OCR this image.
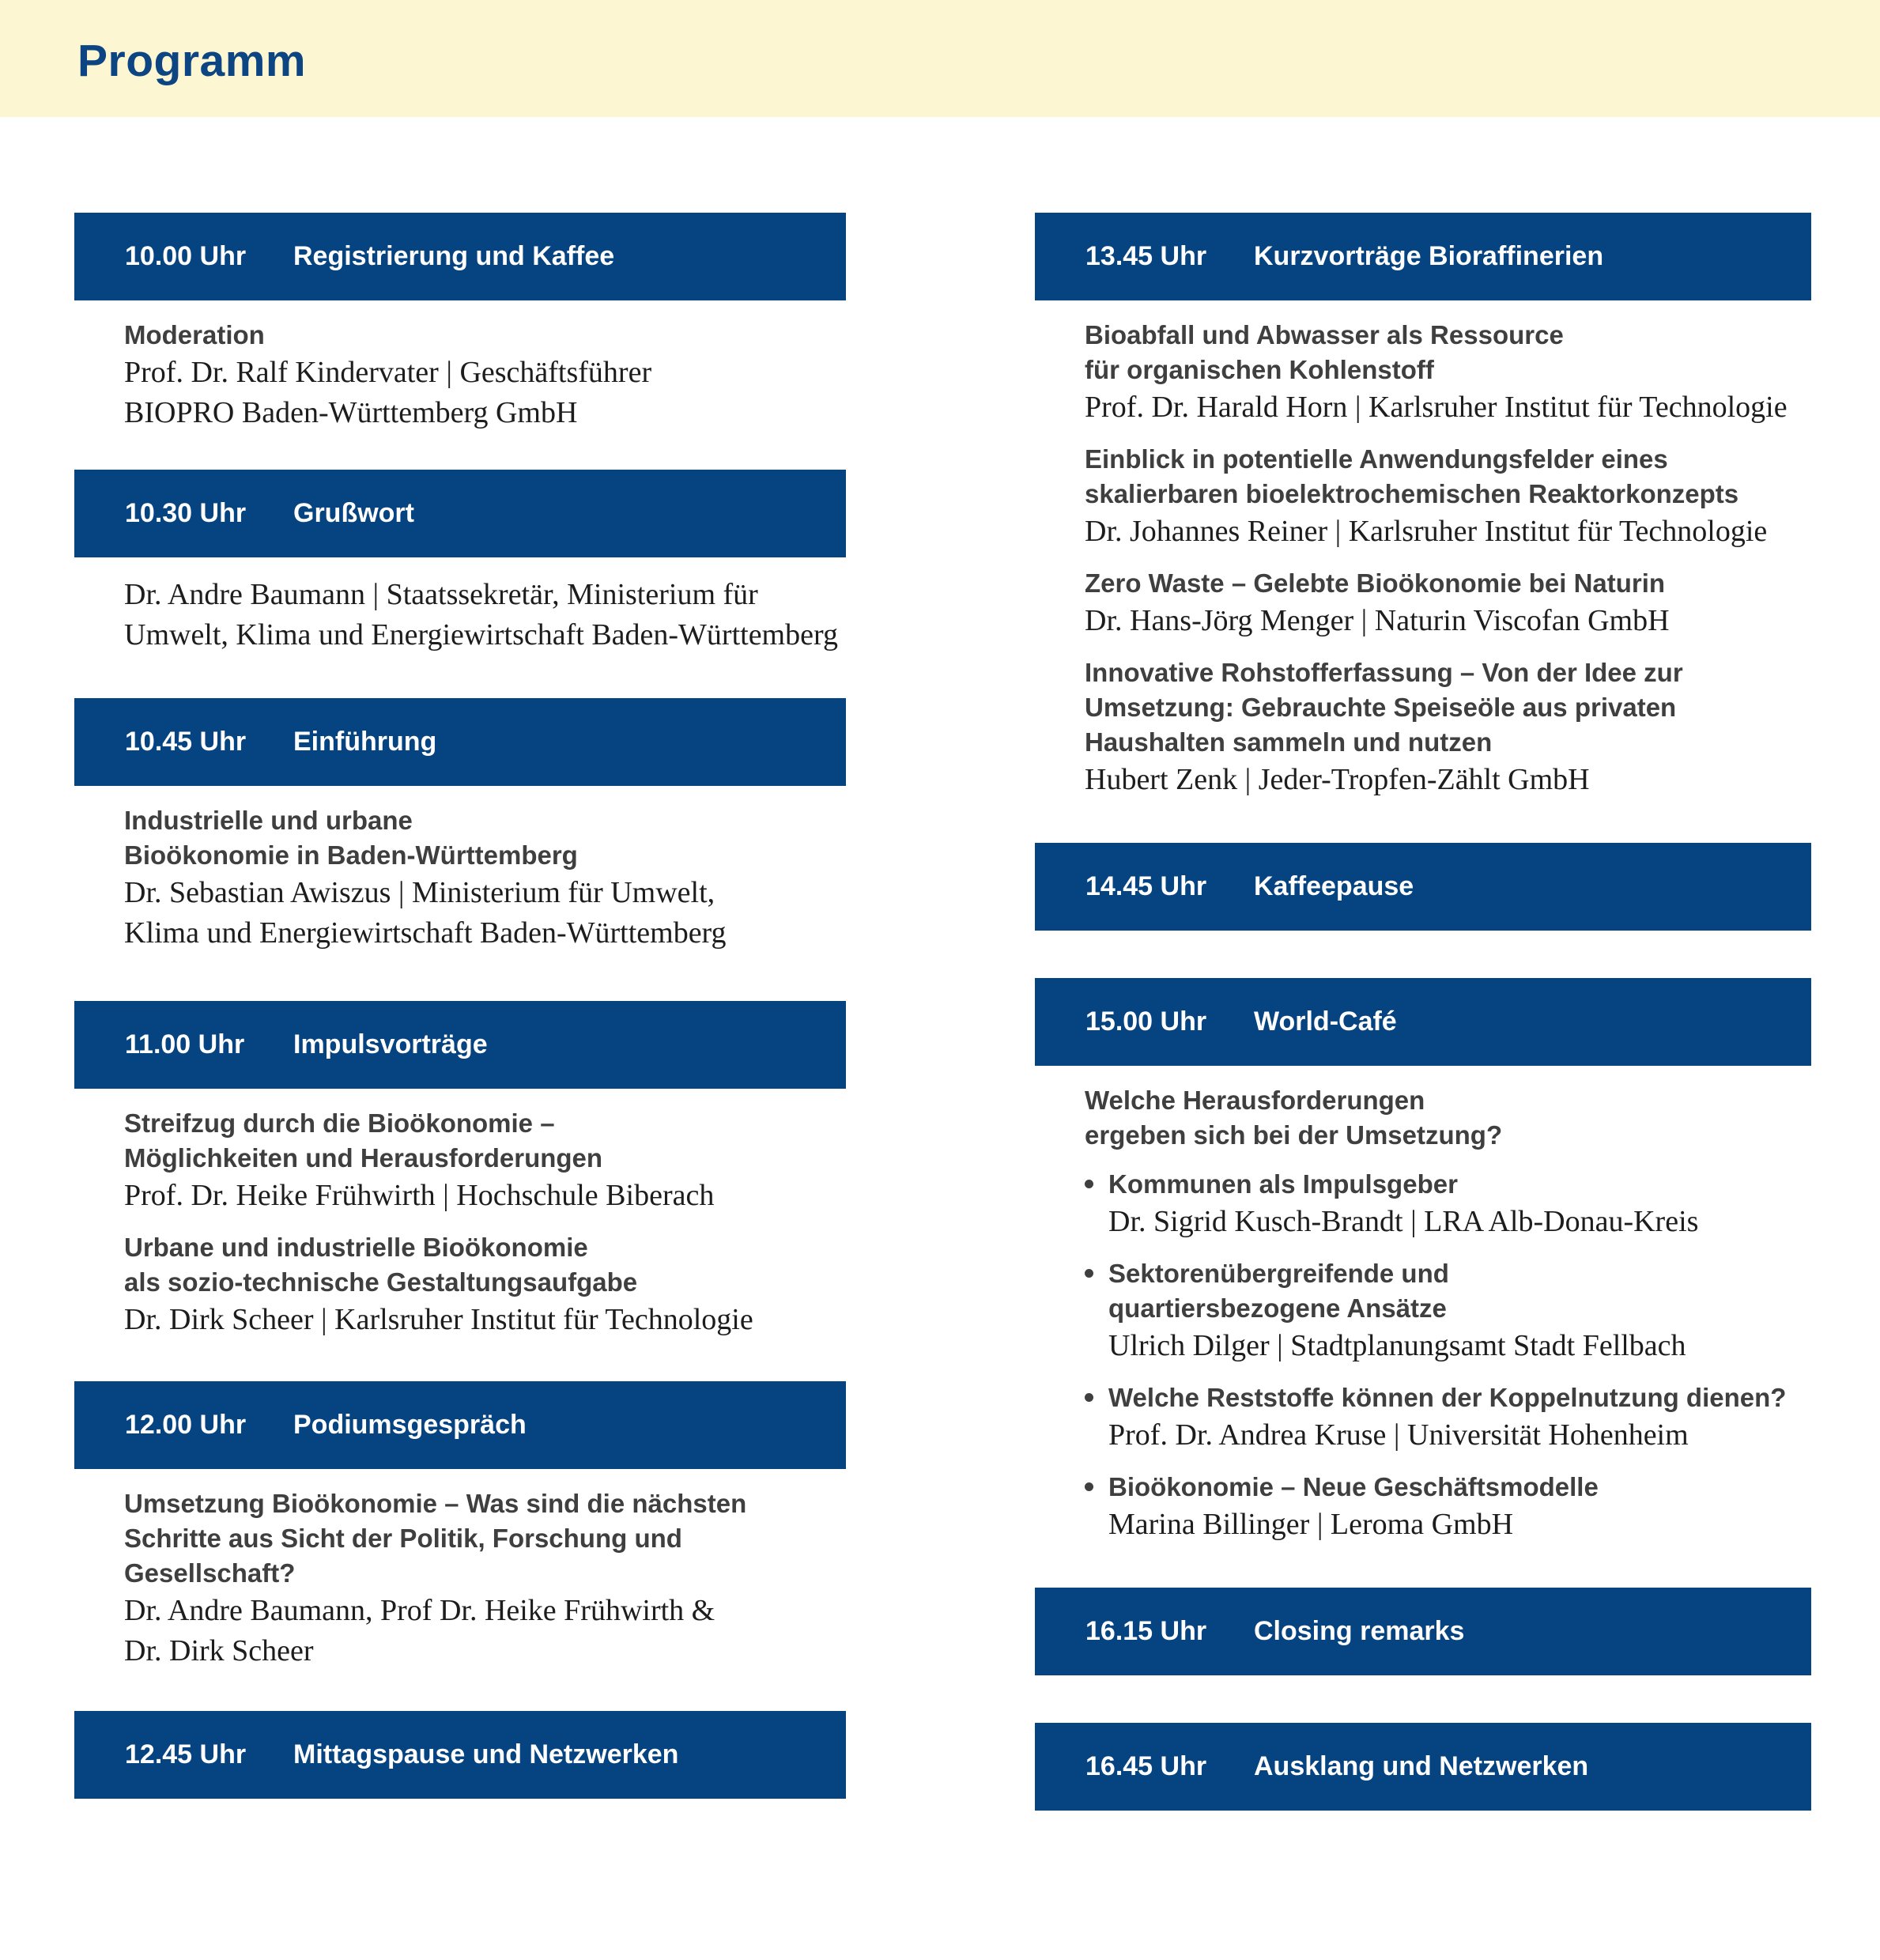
Programm
10.00 Uhr	Registrierung und Kaffee
Moderation
Prof. Dr. Ralf Kindervater | Geschäftsführer
BIOPRO Baden-Württemberg GmbH
10.30 Uhr	Grußwort
Dr. Andre Baumann | Staatssekretär, Ministerium für
Umwelt, Klima und Energiewirtschaft Baden-Württemberg
10.45 Uhr	Einführung
Industrielle und urbane
Bioökonomie in Baden-Württemberg
Dr. Sebastian Awiszus | Ministerium für Umwelt,
Klima und Energiewirtschaft Baden-Württemberg
11.00 Uhr	Impulsvorträge
Streifzug durch die Bioökonomie –
Möglichkeiten und Herausforderungen
Prof. Dr. Heike Frühwirth | Hochschule Biberach
Urbane und industrielle Bioökonomie
als sozio-technische Gestaltungsaufgabe
Dr. Dirk Scheer | Karlsruher Institut für Technologie
12.00 Uhr	Podiumsgespräch
Umsetzung Bioökonomie – Was sind die nächsten
Schritte aus Sicht der Politik, Forschung und Gesellschaft?
Dr. Andre Baumann, Prof Dr. Heike Frühwirth &
Dr. Dirk Scheer
12.45 Uhr	Mittagspause und Netzwerken
13.45 Uhr	Kurzvorträge Bioraffinerien
Bioabfall und Abwasser als Ressource
für organischen Kohlenstoff
Prof. Dr. Harald Horn | Karlsruher Institut für Technologie
Einblick in potentielle Anwendungsfelder eines
skalierbaren bioelektrochemischen Reaktorkonzepts
Dr. Johannes Reiner | Karlsruher Institut für Technologie
Zero Waste – Gelebte Bioökonomie bei Naturin
Dr. Hans-Jörg Menger | Naturin Viscofan GmbH
Innovative Rohstofferfassung – Von der Idee zur
Umsetzung: Gebrauchte Speiseöle aus privaten
Haushalten sammeln und nutzen
Hubert Zenk | Jeder-Tropfen-Zählt GmbH
14.45 Uhr	Kaffeepause
15.00 Uhr	World-Café
Welche Herausforderungen
ergeben sich bei der Umsetzung?
Kommunen als Impulsgeber
Dr. Sigrid Kusch-Brandt | LRA Alb-Donau-Kreis
Sektorenübergreifende und
quartiersbezogene Ansätze
Ulrich Dilger | Stadtplanungsamt Stadt Fellbach
Welche Reststoffe können der Koppelnutzung dienen?
Prof. Dr. Andrea Kruse | Universität Hohenheim
Bioökonomie – Neue Geschäftsmodelle
Marina Billinger | Leroma GmbH
16.15 Uhr	Closing remarks
16.45 Uhr	Ausklang und Netzwerken
